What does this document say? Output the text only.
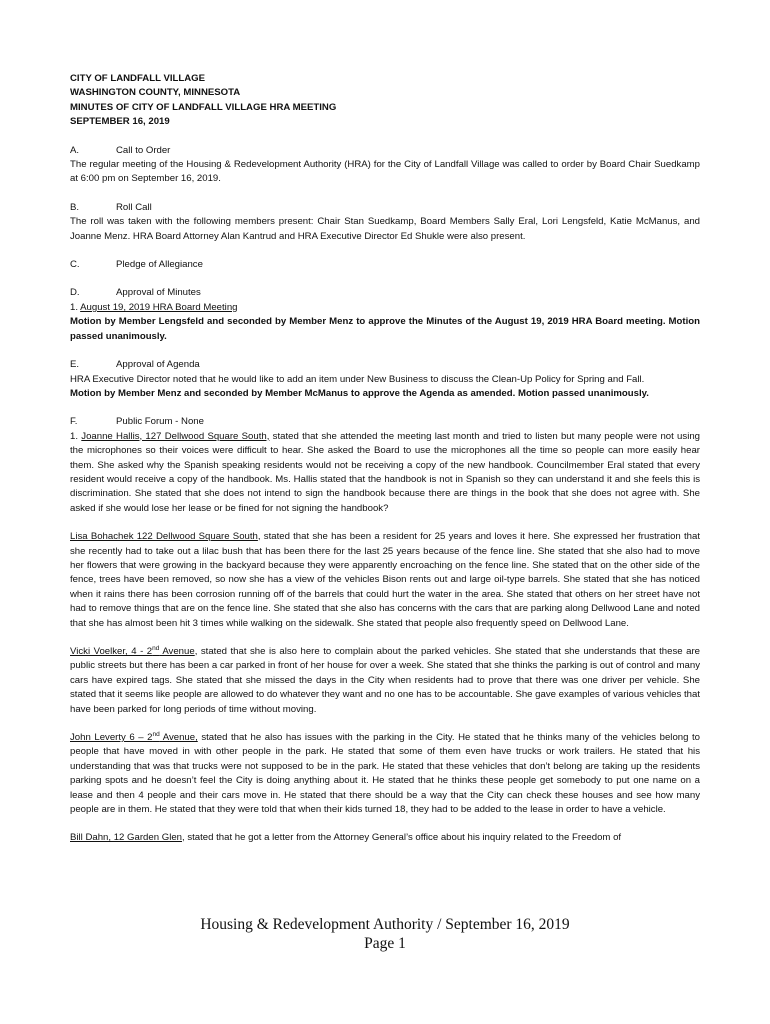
CITY OF LANDFALL VILLAGE
WASHINGTON COUNTY, MINNESOTA
MINUTES OF CITY OF LANDFALL VILLAGE HRA MEETING
SEPTEMBER 16, 2019
A.	Call to Order

The regular meeting of the Housing & Redevelopment Authority (HRA) for the City of Landfall Village was called to order by Board Chair Suedkamp at 6:00 pm on September 16, 2019.

B.	Roll Call

The roll was taken with the following members present: Chair Stan Suedkamp, Board Members Sally Eral, Lori Lengsfeld, Katie McManus, and Joanne Menz. HRA Board Attorney Alan Kantrud and HRA Executive Director Ed Shukle were also present.

C.	Pledge of Allegiance
D.	Approval of Minutes
1. August 19, 2019 HRA Board Meeting

Motion by Member Lengsfeld and seconded by Member Menz to approve the Minutes of the August 19, 2019 HRA Board meeting. Motion passed unanimously.

E.	Approval of Agenda

HRA Executive Director noted that he would like to add an item under New Business to discuss the Clean-Up Policy for Spring and Fall.

Motion by Member Menz and seconded by Member McManus to approve the Agenda as amended. Motion passed unanimously.

F.	Public Forum - None

1. Joanne Hallis, 127 Dellwood Square South, stated that she attended the meeting last month and tried to listen but many people were not using the microphones so their voices were difficult to hear. She asked the Board to use the microphones all the time so people can more easily hear them. She asked why the Spanish speaking residents would not be receiving a copy of the new handbook. Councilmember Eral stated that every resident would receive a copy of the handbook. Ms. Hallis stated that the handbook is not in Spanish so they can understand it and she feels this is discrimination. She stated that she does not intend to sign the handbook because there are things in the book that she does not agree with. She asked if she would lose her lease or be fined for not signing the handbook?

Lisa Bohachek 122 Dellwood Square South, stated that she has been a resident for 25 years and loves it here. She expressed her frustration that she recently had to take out a lilac bush that has been there for the last 25 years because of the fence line. She stated that she also had to move her flowers that were growing in the backyard because they were apparently encroaching on the fence line. She stated that on the other side of the fence, trees have been removed, so now she has a view of the vehicles Bison rents out and large oil-type barrels. She stated that she has noticed when it rains there has been corrosion running off of the barrels that could hurt the water in the area. She stated that others on her street have not had to remove things that are on the fence line. She stated that she also has concerns with the cars that are parking along Dellwood Lane and noted that she has almost been hit 3 times while walking on the sidewalk. She stated that people also frequently speed on Dellwood Lane.

Vicki Voelker, 4 - 2nd Avenue, stated that she is also here to complain about the parked vehicles. She stated that she understands that these are public streets but there has been a car parked in front of her house for over a week. She stated that she thinks the parking is out of control and many cars have expired tags. She stated that she missed the days in the City when residents had to prove that there was one driver per vehicle. She stated that it seems like people are allowed to do whatever they want and no one has to be accountable. She gave examples of various vehicles that have been parked for long periods of time without moving.

John Leverty 6 – 2nd Avenue, stated that he also has issues with the parking in the City. He stated that he thinks many of the vehicles belong to people that have moved in with other people in the park. He stated that some of them even have trucks or work trailers. He stated that his understanding that was that trucks were not supposed to be in the park. He stated that these vehicles that don’t belong are taking up the residents parking spots and he doesn’t feel the City is doing anything about it. He stated that he thinks these people get somebody to put one name on a lease and then 4 people and their cars move in. He stated that there should be a way that the City can check these houses and see how many people are in them. He stated that they were told that when their kids turned 18, they had to be added to the lease in order to have a vehicle.

Bill Dahn, 12 Garden Glen, stated that he got a letter from the Attorney General’s office about his inquiry related to the Freedom of

Housing & Redevelopment Authority / September 16, 2019
Page 1
